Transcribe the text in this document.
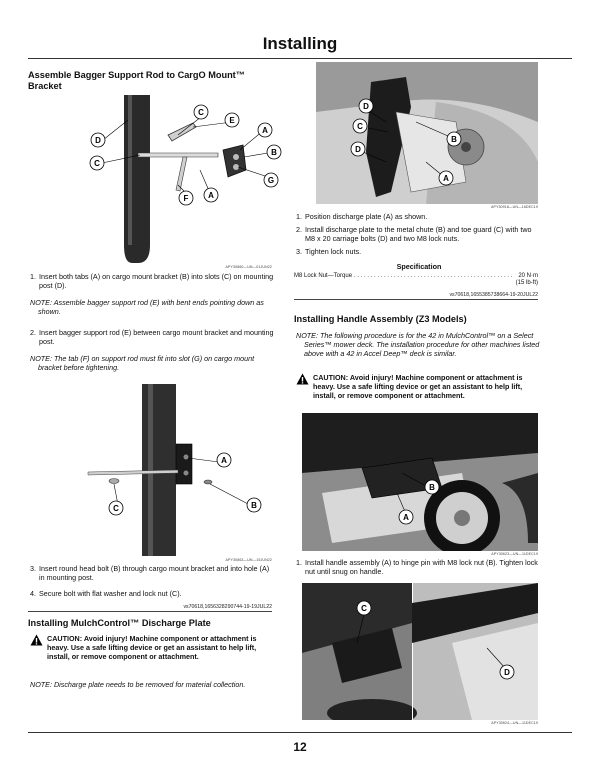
Installing
Assemble Bagger Support Rod to CargO Mount™
Bracket
C
E
D
A
C
B
G
F A
APY30860—UN—01JUN22
1. Insert both tabs (A) on cargo mount bracket (B) into slots (C) on mounting post (D).

NOTE: Assemble bagger support rod (E) with bent ends pointing down as shown.

2. Insert bagger support rod (E) between cargo mount bracket and mounting post.

NOTE: The tab (F) on support rod must fit into slot (G) on cargo mount bracket before tightening.

A
C	B
APY30863—UN—15JUN22
3. Insert round head bolt (B) through cargo mount bracket and into hole (A) in mounting post.
4. Secure bolt with flat washer and lock nut (C).
vs70618,1656328290744-19-19JUL22
Installing MulchControl™ Discharge Plate
CAUTION: Avoid injury! Machine component or attachment is heavy. Use a safe lifting device or get an assistant to help lift, install, or remove component or attachment.

NOTE: Discharge plate needs to be removed for material collection.

D
C
B
D
A
APY30918—UN—16DEC19
1. Position discharge plate (A) as shown.
2. Install discharge plate to the metal chute (B) and toe guard (C) with two M8 x 20 carriage bolts (D) and two M8 lock nuts.
3. Tighten lock nuts.
Specification
M8 Lock Nut—Torque
. . .	20 N·m
(15 lb-ft)
vs70618,1655385738664-19-20JUL22
Installing Handle Assembly (Z3 Models)

NOTE: The following procedure is for the 42 in MulchControl™ on a Select Series™ mower deck. The installation procedure for other machines listed above with a 42 in Accel Deep™ deck is similar.

CAUTION: Avoid injury! Machine component or attachment is heavy. Use a safe lifting device or get an assistant to help lift, install, or remove component or attachment.
B
A
APY30623—UN—11DEC19
1. Install handle assembly (A) to hinge pin with M8 lock nut (B). Tighten lock nut until snug on handle.
C
D
APY30624—UN—11DEC19
12
